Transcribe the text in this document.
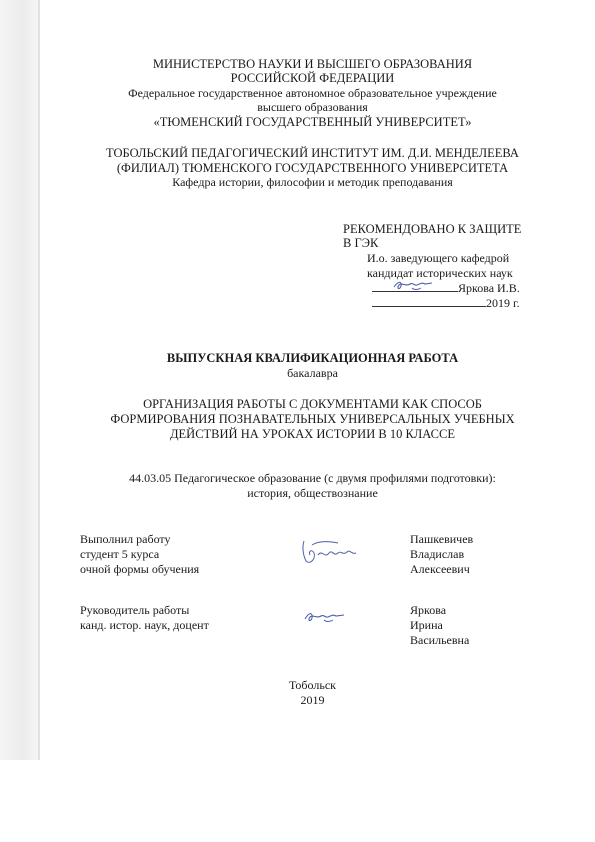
МИНИСТЕРСТВО НАУКИ И ВЫСШЕГО ОБРАЗОВАНИЯ
РОССИЙСКОЙ ФЕДЕРАЦИИ
Федеральное государственное автономное образовательное учреждение
высшего образования
«ТЮМЕНСКИЙ ГОСУДАРСТВЕННЫЙ УНИВЕРСИТЕТ»
ТОБОЛЬСКИЙ ПЕДАГОГИЧЕСКИЙ ИНСТИТУТ ИМ. Д.И. МЕНДЕЛЕЕВА
(ФИЛИАЛ) ТЮМЕНСКОГО ГОСУДАРСТВЕННОГО УНИВЕРСИТЕТА
Кафедра истории, философии и методик преподавания
РЕКОМЕНДОВАНО К ЗАЩИТЕ
В ГЭК
И.о. заведующего кафедрой
кандидат исторических наук
Яркова И.В.
2019 г.
ВЫПУСКНАЯ КВАЛИФИКАЦИОННАЯ РАБОТА
бакалавра
ОРГАНИЗАЦИЯ РАБОТЫ С ДОКУМЕНТАМИ КАК СПОСОБ
ФОРМИРОВАНИЯ ПОЗНАВАТЕЛЬНЫХ УНИВЕРСАЛЬНЫХ УЧЕБНЫХ
ДЕЙСТВИЙ НА УРОКАХ ИСТОРИИ В 10 КЛАССЕ
44.03.05 Педагогическое образование (с двумя профилями подготовки):
история, обществознание
Выполнил работу
студент 5 курса
очной формы обучения
Пашкевичев
Владислав
Алексеевич
Руководитель работы
канд. истор. наук, доцент
Яркова
Ирина
Васильевна
Тобольск
2019
